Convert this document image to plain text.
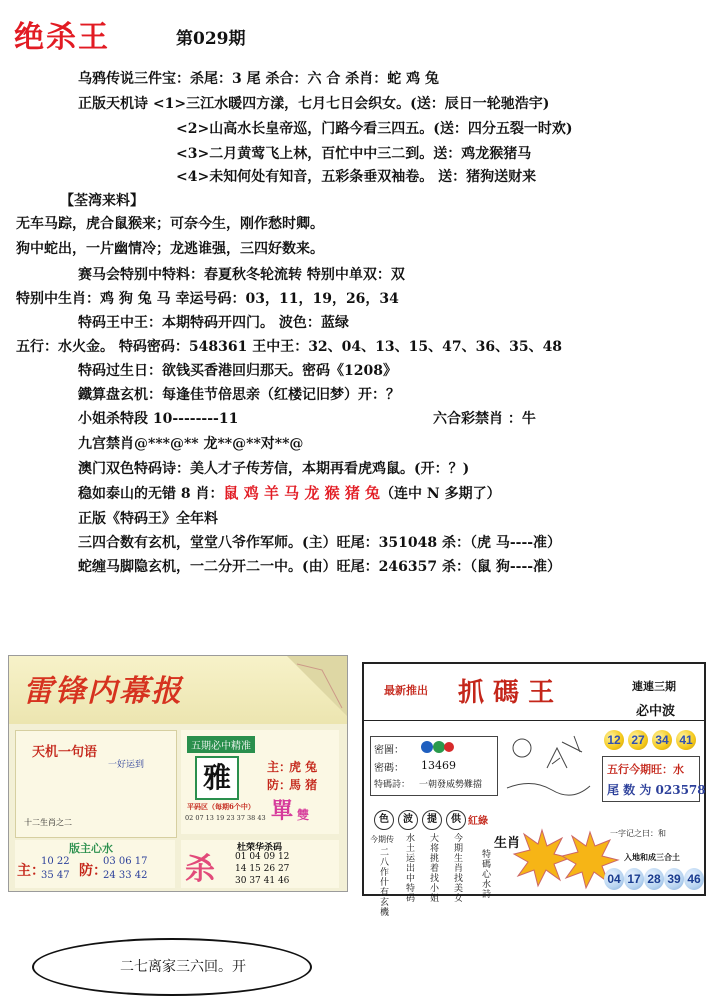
绝杀王	第029期
乌鸦传说三件宝：杀尾：3 尾 杀合：六 合 杀肖：蛇 鸡 兔
正版天机诗 <1>三江水暖四方漾，七月七日会织女。(送：辰日一轮驰浩宇)
<2>山高水长皇帝巡，门路今看三四五。(送：四分五裂一时欢)
<3>二月黄莺飞上林，百忙中中三二到。送：鸡龙猴猪马
<4>未知何处有知音，五彩条垂双袖卷。 送：猪狗送财来
【荃湾来料】
无车马踪，虎合鼠猴来；可奈今生，刚作愁时卿。
狗中蛇出，一片幽情冷；龙逃谁强，三四好数来。
赛马会特别中特料：春夏秋冬轮流转 特别中单双：双
特别中生肖：鸡 狗 兔 马 幸运号码：03，11，19，26，34
特码王中王：本期特码开四门。 波色：蓝绿
五行：水火金。 特码密码：548361 王中王：32、04、13、15、47、36、35、48
特码过生日：欲钱买香港回归那天。密码《1208》
鐵算盘玄机：每逢佳节倍思亲（红楼记旧梦）开：？
小姐杀特段 10--------11	六合彩禁肖 ：牛
九宫禁肖@***@** 龙**@**对**@
澳门双色特码诗：美人才子传芳信，本期再看虎鸡鼠。(开：？)
稳如泰山的无错 8 肖：鼠 鸡 羊 马 龙 猴 猪 兔（连中 N 多期了）
正版《特码王》全年料
三四合数有玄机，堂堂八爷作军师。(主）旺尾：351048 杀：（虎 马----准）
蛇缠马脚隐玄机，一二分开二一中。(由）旺尾：246357 杀：（鼠 狗----准）
雷锋内幕报
天机一句语
一好运到
十二生肖之二
五期必中精准
雅	主：
虎 兔
防：
馬 猪
單 雙
平码区（每期6个中）
02 07 13 19 23 37 38 43
版主心水
主：
10 22
35 47 防：
03 06 17
24 33 42 杀
杜荣华杀码
01 04 09 12
14 15 26 27
30 37 41 46
最新推出 抓 碼 王	連連三期
必中波
12 27 34 41
密圖：
密碼： 13469
特碼詩： 一朝發威勢難擋
五行今期旺：水
尾 数 为 023578
色	波	提	供 紅綠
今期传
二八作什有玄機
水土运出中特码
大将挑着找小姐
今期生肖找美女
特碼心水詩
生肖
一字记之曰：和
入地和成三合土
04 17 28 39 46
二七离家三六回。开
